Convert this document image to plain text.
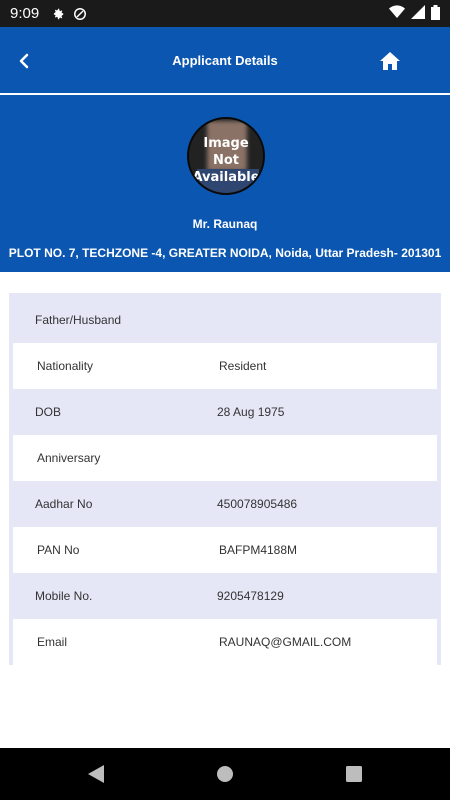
9:09
Applicant Details
Image
Not
Available
Mr. Raunaq
PLOT NO. 7, TECHZONE -4, GREATER NOIDA, Noida, Uttar Pradesh- 201301
Father/Husband
Nationality	Resident
DOB	28 Aug 1975
Anniversary
Aadhar No	450078905486
PAN No	BAFPM4188M
Mobile No.	9205478129
Email	RAUNAQ@GMAIL.COM
